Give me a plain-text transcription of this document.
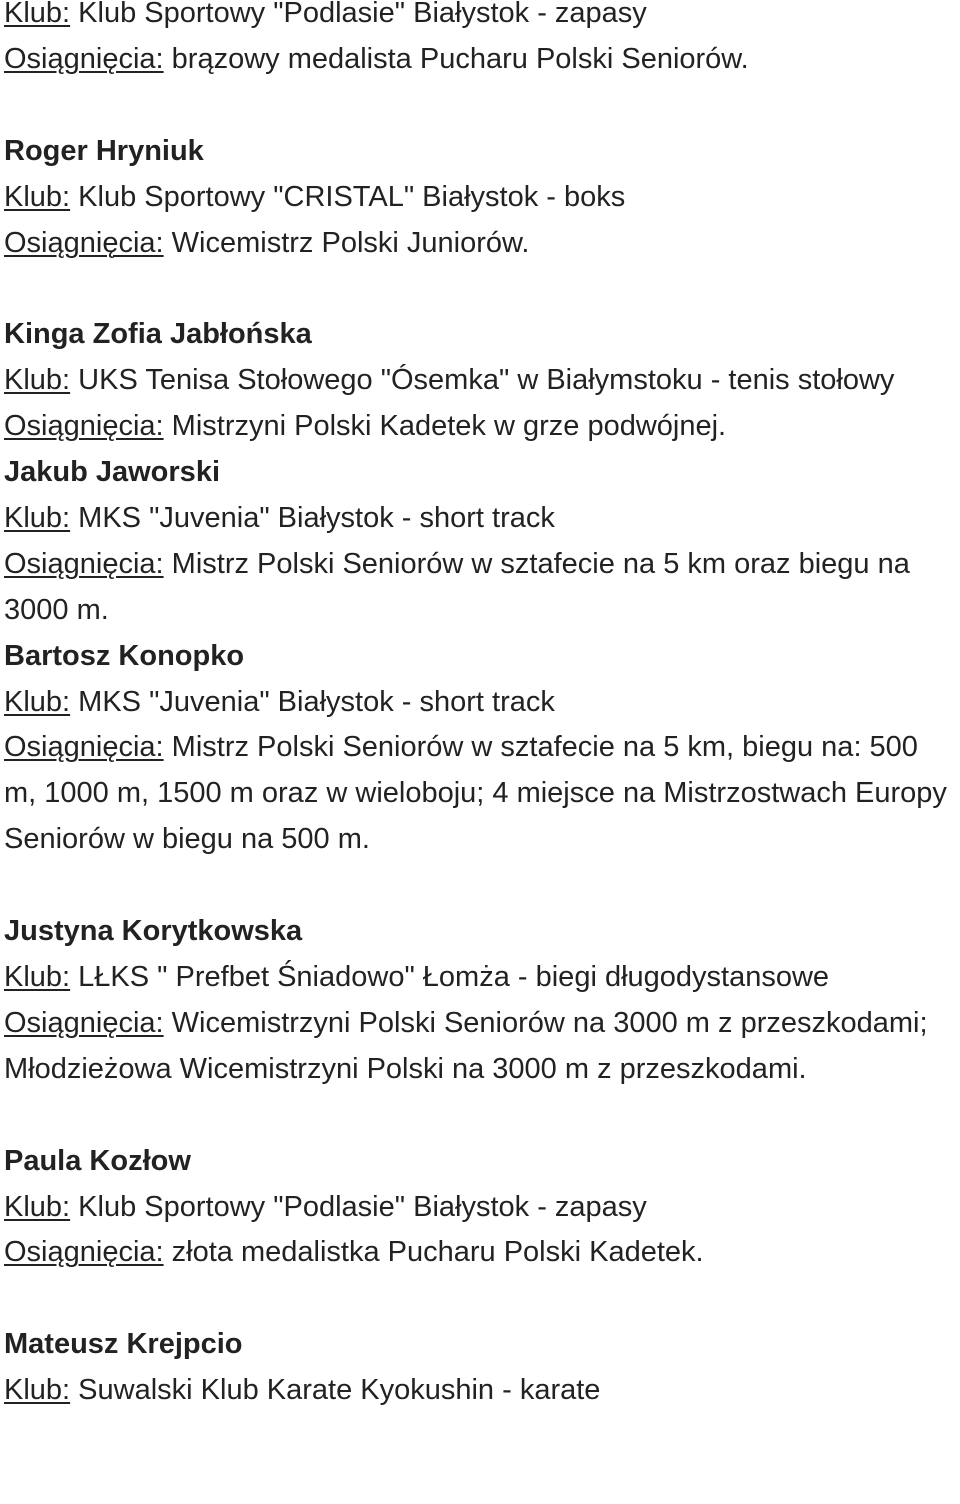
Klub: Klub Sportowy "Podlasie" Białystok - zapasy
Osiągnięcia: brązowy medalista Pucharu Polski Seniorów.
Roger Hryniuk
Klub: Klub Sportowy "CRISTAL" Białystok - boks
Osiągnięcia: Wicemistrz Polski Juniorów.
Kinga Zofia Jabłońska
Klub: UKS Tenisa Stołowego "Ósemka" w Białymstoku - tenis stołowy
Osiągnięcia: Mistrzyni Polski Kadetek w grze podwójnej.
Jakub Jaworski
Klub: MKS "Juvenia" Białystok - short track
Osiągnięcia: Mistrz Polski Seniorów w sztafecie na 5 km oraz biegu na 3000 m.
Bartosz Konopko
Klub: MKS "Juvenia" Białystok - short track
Osiągnięcia: Mistrz Polski Seniorów w sztafecie na 5 km, biegu na: 500 m, 1000 m, 1500 m oraz w wieloboju; 4 miejsce na Mistrzostwach Europy Seniorów w biegu na 500 m.
Justyna Korytkowska
Klub: LŁKS " Prefbet Śniadowo" Łomża - biegi długodystansowe
Osiągnięcia: Wicemistrzyni Polski Seniorów na 3000 m z przeszkodami; Młodzieżowa Wicemistrzyni Polski na 3000 m z przeszkodami.
Paula Kozłow
Klub: Klub Sportowy "Podlasie" Białystok - zapasy
Osiągnięcia: złota medalistka Pucharu Polski Kadetek.
Mateusz Krejpcio
Klub: Suwalski Klub Karate Kyokushin - karate
